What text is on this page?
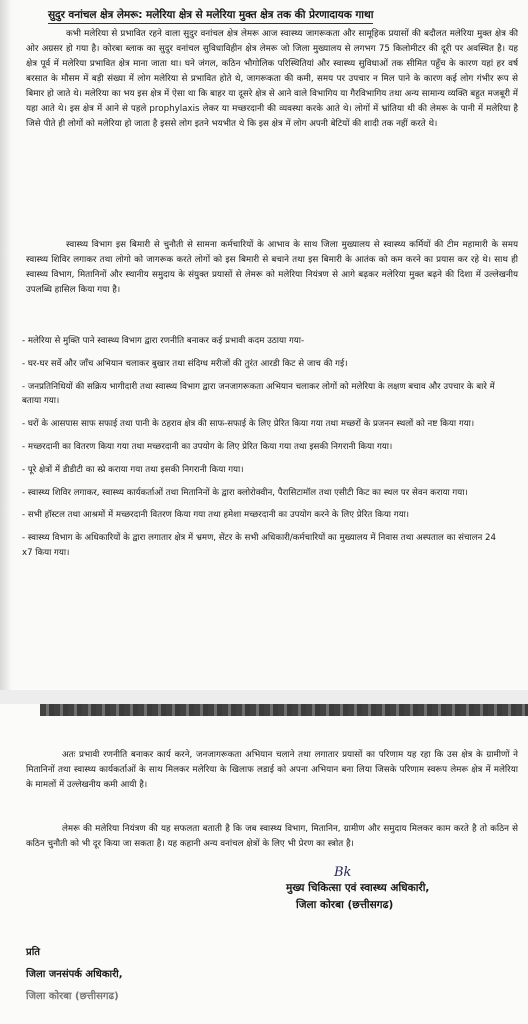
सुदुर वनांचल क्षेत्र लेमरू: मलेरिया क्षेत्र से मलेरिया मुक्त क्षेत्र तक की प्रेरणादायक गाथा

कभी मलेरिया से प्रभावित रहने वाला सुदुर वनांचल क्षेत्र लेमरू आज स्वास्थ्य जागरूकता और सामूहिक प्रयासों की बदौलत मलेरिया मुक्त क्षेत्र की ओर अग्रसर हो गया है। कोरबा ब्लाक का सुदुर वनांचल सुविधाविहीन क्षेत्र लेमरू जो जिला मुख्यालय से लगभग 75 किलोमीटर की दूरी पर अवस्थित है। यह क्षेत्र पूर्व में मलेरिया प्रभावित क्षेत्र माना जाता था। घने जंगल, कठिन भौगोलिक परिस्थितियां और स्वास्थ्य सुविधाओं तक सीमित पहुँच के कारण यहां हर वर्ष बरसात के मौसम में बड़ी संख्या में लोग मलेरिया से प्रभावित होते थे, जागरूकता की कमी, समय पर उपचार न मिल पाने के कारण कई लोग गंभीर रूप से बिमार हो जाते थे। मलेरिया का भय इस क्षेत्र में ऐसा था कि बाहर या दूसरे क्षेत्र से आने वाले विभागिय या गैरविभागिय तथा अन्य सामान्य व्यक्ति बहुत मजबूरी में यहा आते थे। इस क्षेत्र में आने से पहले prophylaxis लेकर या मच्छरदानी की व्यवस्था करके आते थे। लोगों में भ्रांतिया थी की लेमरू के पानी में मलेरिया है जिसे पीते ही लोगों को मलेरिया हो जाता है इससे लोग इतने भयभीत थे कि इस क्षेत्र में लोग अपनी बेटियों की शादी तक नहीं करते थे।

स्वास्थ्य विभाग इस बिमारी से चुनौती से सामना कर्मचारियों के आभाव के साथ जिला मुख्यालय से स्वास्थ्य कर्मियों की टीम महामारी के समय स्वास्थ्य शिविर लगाकर तथा लोगो को जागरूक करते लोगों को इस बिमारी से बचाने तथा इस बिमारी के आतंक को कम करने का प्रयास कर रहे थे। साथ ही स्वास्थ्य विभाग, मितानिनों और स्थानीय समुदाय के संयुक्त प्रयासों से लेमरू को मलेरिया नियंत्रण से आगे बढ़कर मलेरिया मुक्त बढ़ने की दिशा में उल्लेखनीय उपलब्धि हासिल किया गया है।

- मलेरिया से मुक्ति पाने स्वास्थ्य विभाग द्वारा रणनीति बनाकर कई प्रभावी कदम उठाया गया-
- घर-घर सर्वे और जाँच अभियान चलाकर बुखार तथा संदिग्ध मरीजों की तुरंत आरडी किट से जाच की गई।
- जनप्रतिनिधियों की सक्रिय भागीदारी तथा स्वास्थ्य विभाग द्वारा जनजागरूकता अभियान चलाकर लोगों को मलेरिया के लक्षण बचाव और उपचार के बारे में बताया गया।
- घरों के आसपास साफ सफाई तथा पानी के ठहराव क्षेत्र की साफ-सफाई के लिए प्रेरित किया गया तथा मच्छरों के प्रजनन स्थलों को नष्ट किया गया।
- मच्छरदानी का वितरण किया गया तथा मच्छरदानी का उपयोग के लिए प्रेरित किया गया तथा इसकी निगरानी किया गया।
- पूरे क्षेत्रों में डीडीटी का स्प्रे कराया गया तथा इसकी निगरानी किया गया।
- स्वास्थ्य शिविर लगाकर, स्वास्थ्य कार्यकर्ताओं तथा मितानिनों के द्वारा क्लोरोक्वीन, पैरासिटामॉल तथा एसीटी किट का स्थल पर सेवन कराया गया।
- सभी हॉस्टल तथा आश्रमों में मच्छरदानी वितरण किया गया तथा हमेशा मच्छरदानी का उपयोग करने के लिए प्रेरित किया गया।
- स्वास्थ्य विभाग के अधिकारियों के द्वारा लगातार क्षेत्र में भ्रमण, सेंटर के सभी अधिकारी/कर्मचारियों का मुख्यालय में निवास तथा अस्पताल का संचालन 24 x7 किया गया।

अतः प्रभावी रणनीति बनाकर कार्य करने, जनजागरूकता अभियान चलाने तथा लगातार प्रयासों का परिणाम यह रहा कि उस क्षेत्र के ग्रामीणों ने मितानिनों तथा स्वास्थ्य कार्यकर्ताओं के साथ मिलकर मलेरिया के खिलाफ लडाई को अपना अभियान बना लिया जिसके परिणाम स्वरूप लेमरू क्षेत्र में मलेरिया के मामलों में उल्लेखनीय कमी आयी है।

लेमरू की मलेरिया नियंत्रण की यह सफलता बताती है कि जब स्वास्थ्य विभाग, मितानिन, ग्रामीण और समुदाय मिलकर काम करते है तो कठिन से कठिन चुनौती को भी दूर किया जा सकता है। यह कहानी अन्य वनांचल क्षेत्रों के लिए भी प्रेरण का स्त्रोत है।

Bk
मुख्य चिकित्सा एवं स्वास्थ्य अधिकारी,
जिला कोरबा (छत्तीसगढ)
प्रति
जिला जनसंपर्क अधिकारी,
जिला कोरबा (छत्तीसगढ)
